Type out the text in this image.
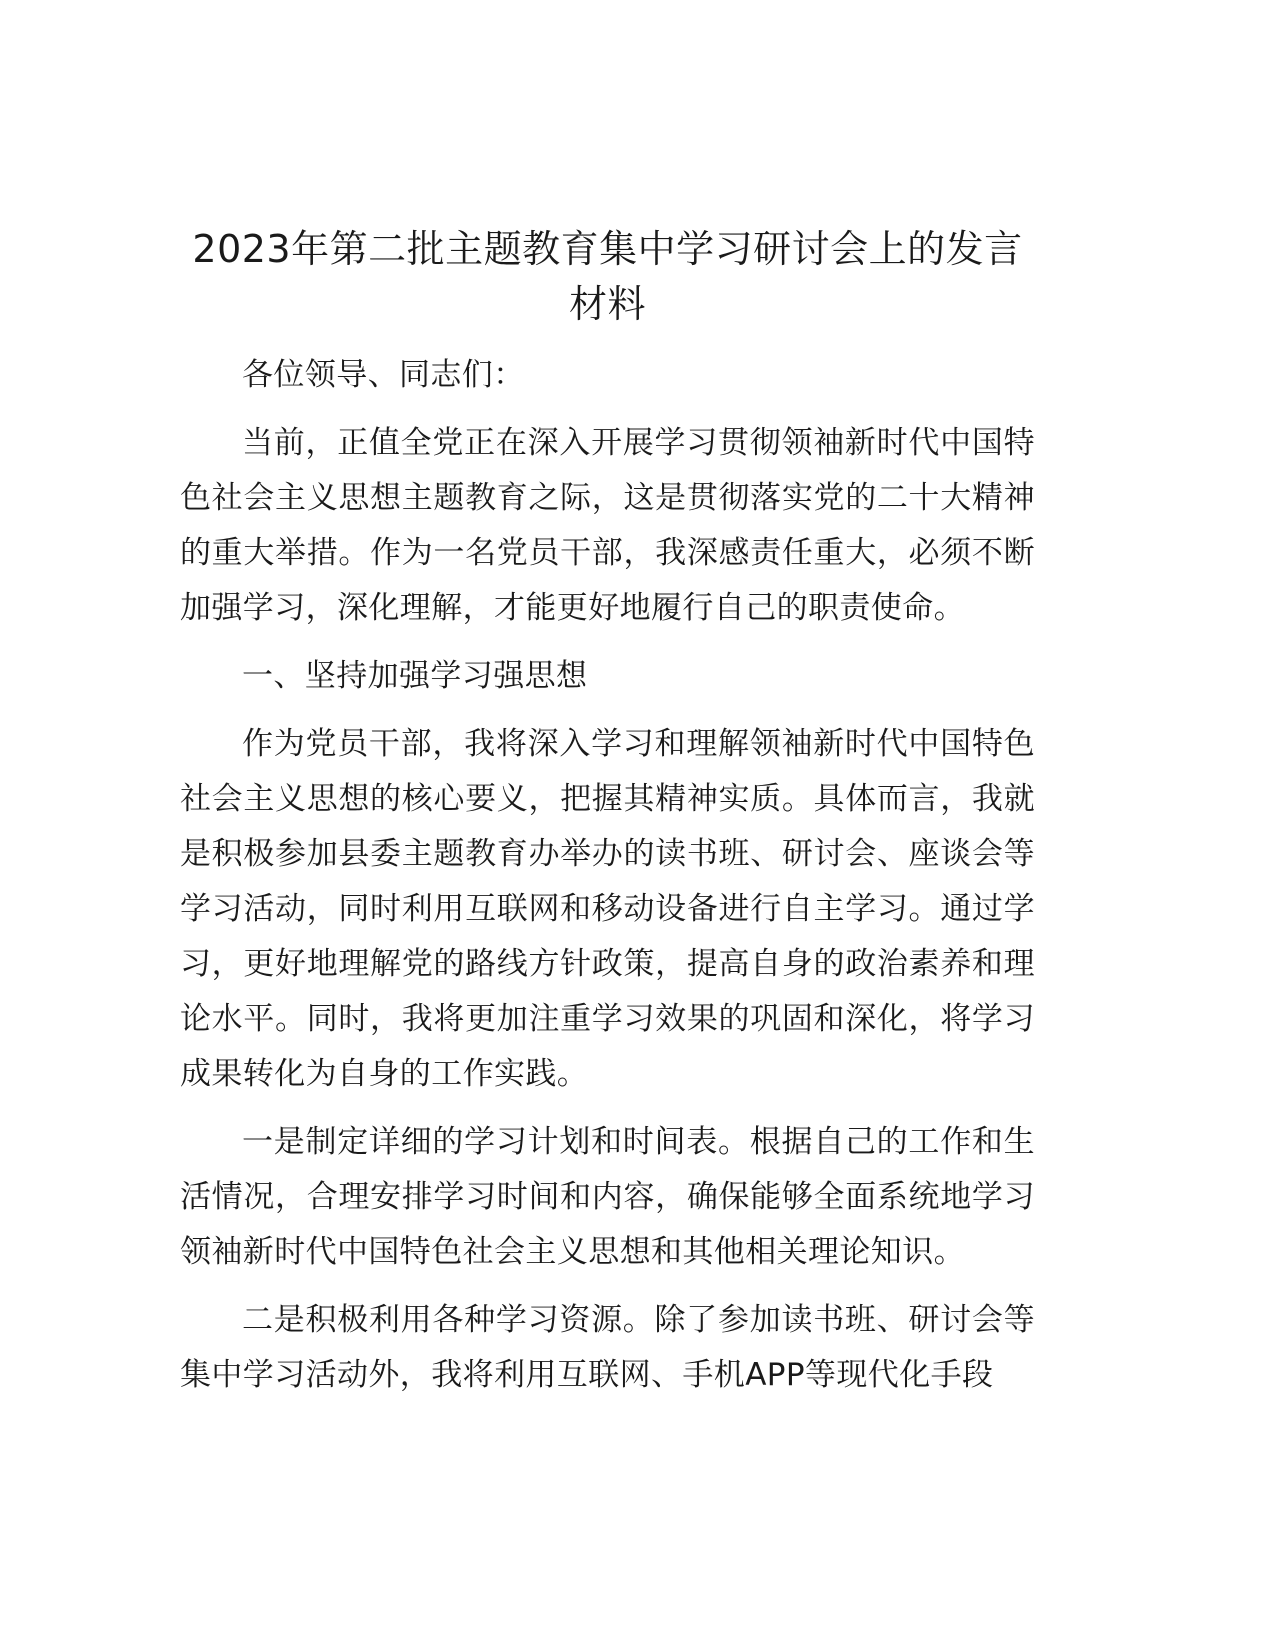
2023年第二批主题教育集中学习研讨会上的发言材料

各位领导、同志们：

当前，正值全党正在深入开展学习贯彻领袖新时代中国特色社会主义思想主题教育之际，这是贯彻落实党的二十大精神的重大举措。作为一名党员干部，我深感责任重大，必须不断加强学习，深化理解，才能更好地履行自己的职责使命。

一、坚持加强学习强思想

作为党员干部，我将深入学习和理解领袖新时代中国特色社会主义思想的核心要义，把握其精神实质。具体而言，我就是积极参加县委主题教育办举办的读书班、研讨会、座谈会等学习活动，同时利用互联网和移动设备进行自主学习。通过学习，更好地理解党的路线方针政策，提高自身的政治素养和理论水平。同时，我将更加注重学习效果的巩固和深化，将学习成果转化为自身的工作实践。

一是制定详细的学习计划和时间表。根据自己的工作和生活情况，合理安排学习时间和内容，确保能够全面系统地学习领袖新时代中国特色社会主义思想和其他相关理论知识。

二是积极利用各种学习资源。除了参加读书班、研讨会等集中学习活动外，我将利用互联网、手机APP等现代化手段
